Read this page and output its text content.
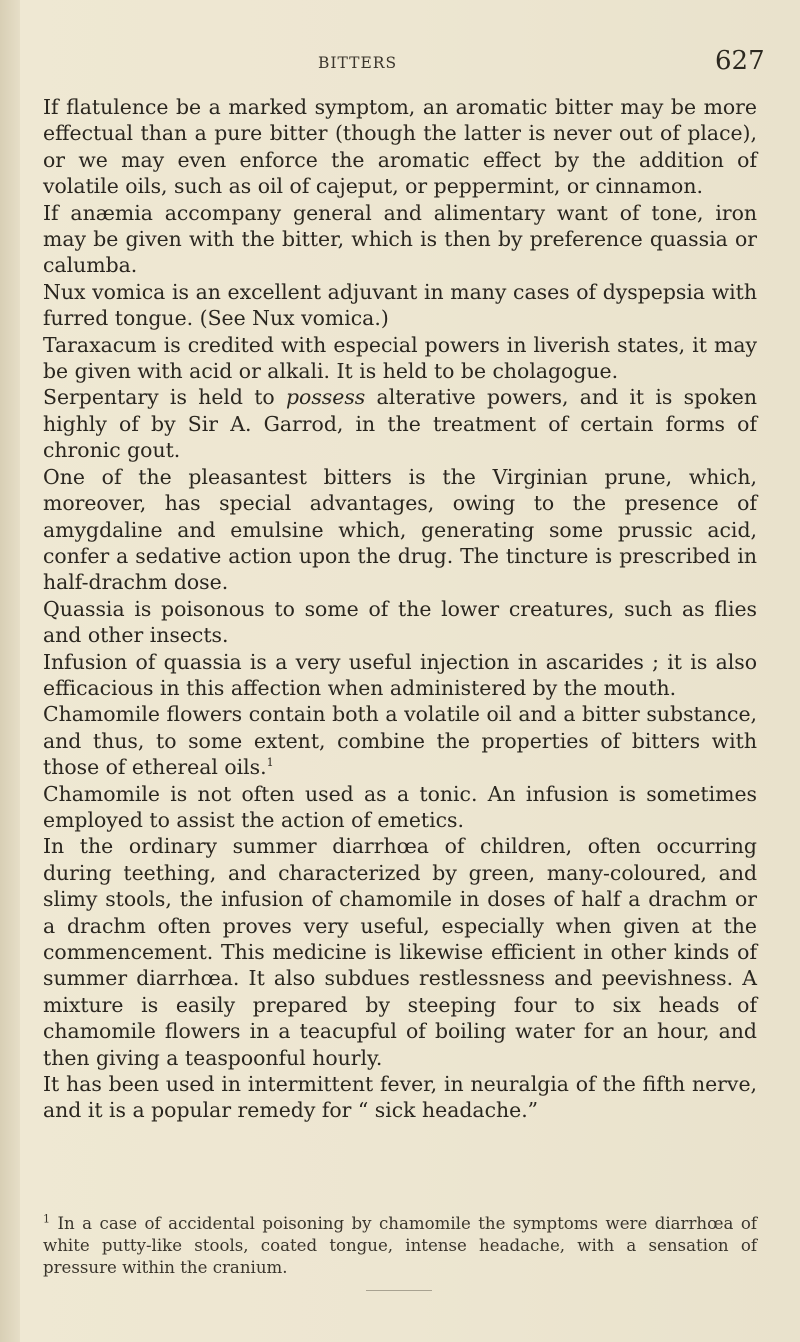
BITTERS	627

If flatulence be a marked symptom, an aromatic bitter may be more effectual than a pure bitter (though the latter is never out of place), or we may even enforce the aromatic effect by the addition of volatile oils, such as oil of cajeput, or peppermint, or cinnamon.

If anæmia accompany general and alimentary want of tone, iron may be given with the bitter, which is then by preference quassia or calumba.

Nux vomica is an excellent adjuvant in many cases of dyspepsia with furred tongue. (See Nux vomica.)

Taraxacum is credited with especial powers in liverish states, it may be given with acid or alkali. It is held to be cholagogue.

Serpentary is held to possess alterative powers, and it is spoken highly of by Sir A. Garrod, in the treatment of certain forms of chronic gout.

One of the pleasantest bitters is the Virginian prune, which, moreover, has special advantages, owing to the presence of amygdaline and emulsine which, generating some prussic acid, confer a sedative action upon the drug. The tincture is prescribed in half-drachm dose.

Quassia is poisonous to some of the lower creatures, such as flies and other insects.

Infusion of quassia is a very useful injection in ascarides ; it is also efficacious in this affection when administered by the mouth.

Chamomile flowers contain both a volatile oil and a bitter substance, and thus, to some extent, combine the properties of bitters with those of ethereal oils.$^1$

Chamomile is not often used as a tonic. An infusion is sometimes employed to assist the action of emetics.

In the ordinary summer diarrhœa of children, often occurring during teething, and characterized by green, many-coloured, and slimy stools, the infusion of chamomile in doses of half a drachm or a drachm often proves very useful, especially when given at the commencement. This medicine is likewise efficient in other kinds of summer diarrhœa. It also subdues restlessness and peevishness. A mixture is easily prepared by steeping four to six heads of chamomile flowers in a teacupful of boiling water for an hour, and then giving a teaspoonful hourly.

It has been used in intermittent fever, in neuralgia of the fifth nerve, and it is a popular remedy for “ sick headache.”

$^1$ In a case of accidental poisoning by chamomile the symptoms were diarrhœa of white putty-like stools, coated tongue, intense headache, with a sensation of pressure within the cranium.
